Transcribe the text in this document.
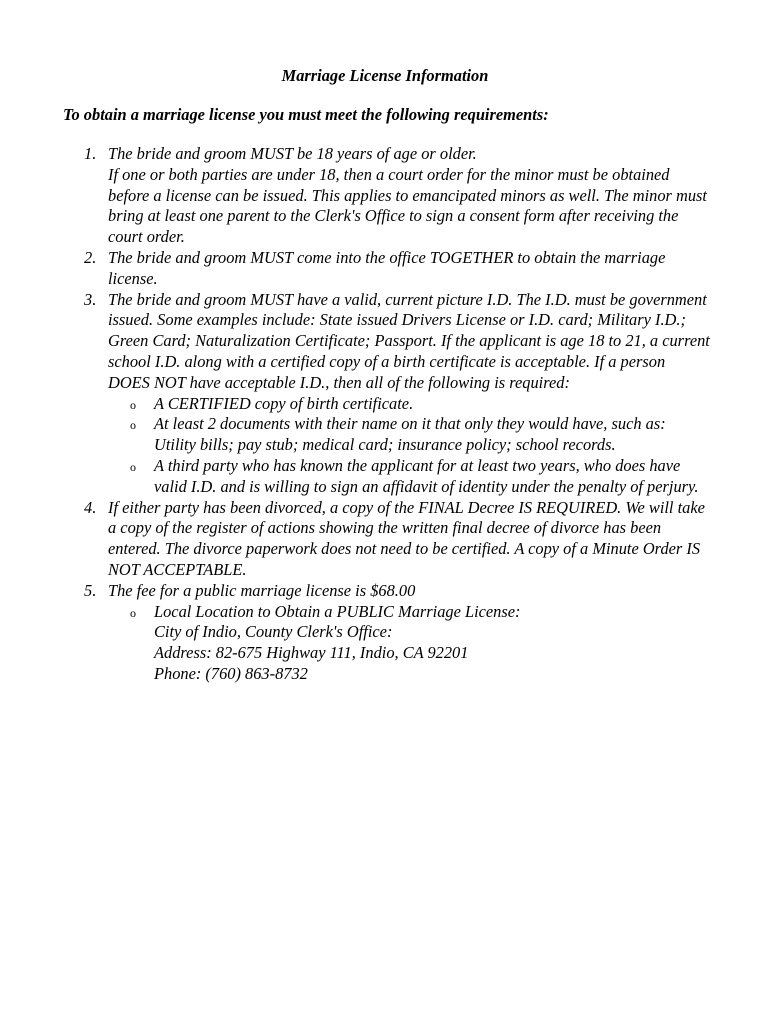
Marriage License Information

To obtain a marriage license you must meet the following requirements:

1. The bride and groom MUST be 18 years of age or older.
If one or both parties are under 18, then a court order for the minor must be obtained before a license can be issued. This applies to emancipated minors as well. The minor must bring at least one parent to the Clerk's Office to sign a consent form after receiving the court order.
2. The bride and groom MUST come into the office TOGETHER to obtain the marriage license.
3. The bride and groom MUST have a valid, current picture I.D. The I.D. must be government issued. Some examples include: State issued Drivers License or I.D. card; Military I.D.; Green Card; Naturalization Certificate; Passport. If the applicant is age 18 to 21, a current school I.D. along with a certified copy of a birth certificate is acceptable. If a person DOES NOT have acceptable I.D., then all of the following is required:
o A CERTIFIED copy of birth certificate.
o At least 2 documents with their name on it that only they would have, such as: Utility bills; pay stub; medical card; insurance policy; school records.
o A third party who has known the applicant for at least two years, who does have valid I.D. and is willing to sign an affidavit of identity under the penalty of perjury.
4. If either party has been divorced, a copy of the FINAL Decree IS REQUIRED. We will take a copy of the register of actions showing the written final decree of divorce has been entered. The divorce paperwork does not need to be certified. A copy of a Minute Order IS NOT ACCEPTABLE.
5. The fee for a public marriage license is $68.00
o Local Location to Obtain a PUBLIC Marriage License:
City of Indio, County Clerk's Office:
Address: 82-675 Highway 111, Indio, CA 92201
Phone: (760) 863-8732
